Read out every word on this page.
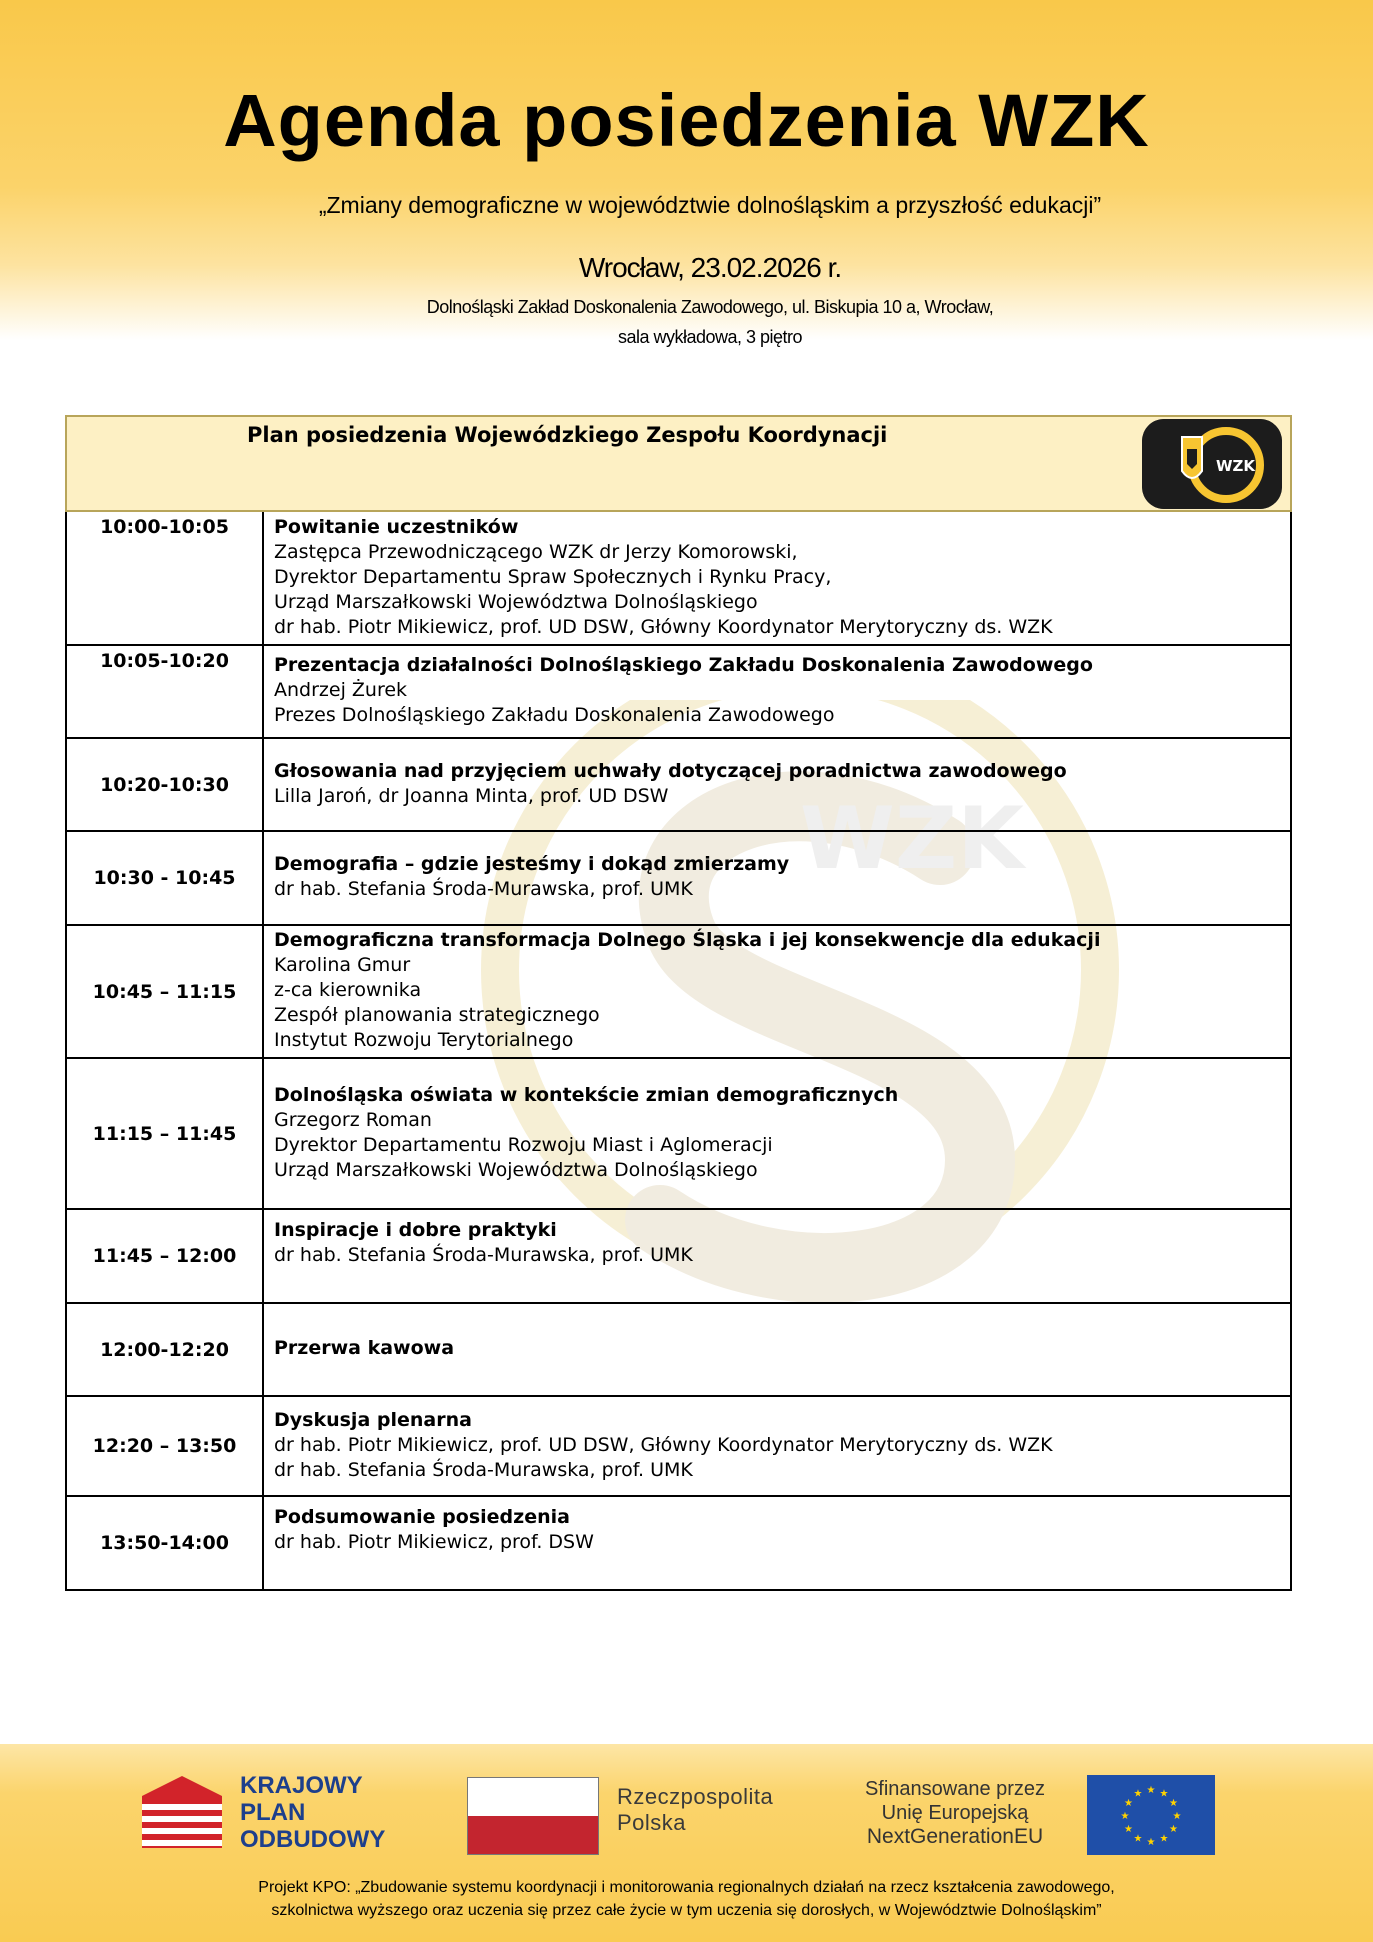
Agenda posiedzenia WZK
„Zmiany demograficzne w województwie dolnośląskim a przyszłość edukacji”
Wrocław, 23.02.2026 r.
Dolnośląski Zakład Doskonalenia Zawodowego, ul. Biskupia 10 a, Wrocław,
sala wykładowa, 3 piętro
WZK
Plan posiedzenia Wojewódzkiego Zespołu Koordynacji
WZK	

10:00-10:05	Powitanie uczestników
Zastępca Przewodniczącego WZK dr Jerzy Komorowski,
Dyrektor Departamentu Spraw Społecznych i Rynku Pracy,
Urząd Marszałkowski Województwa Dolnośląskiego
dr hab. Piotr Mikiewicz, prof. UD DSW, Główny Koordynator Merytoryczny ds. WZK

10:05-10:20	Prezentacja działalności Dolnośląskiego Zakładu Doskonalenia Zawodowego
Andrzej Żurek
Prezes Dolnośląskiego Zakładu Doskonalenia Zawodowego

10:20-10:30	Głosowania nad przyjęciem uchwały dotyczącej poradnictwa zawodowego
Lilla Jaroń, dr Joanna Minta, prof. UD DSW

10:30 - 10:45	Demografia – gdzie jesteśmy i dokąd zmierzamy
dr hab. Stefania Środa-Murawska, prof. UMK

10:45 – 11:15	Demograficzna transformacja Dolnego Śląska i jej konsekwencje dla edukacji
Karolina Gmur
z-ca kierownika
Zespół planowania strategicznego
Instytut Rozwoju Terytorialnego

11:15 – 11:45	Dolnośląska oświata w kontekście zmian demograficznych
Grzegorz Roman
Dyrektor Departamentu Rozwoju Miast i Aglomeracji
Urząd Marszałkowski Województwa Dolnośląskiego

11:45 – 12:00	Inspiracje i dobre praktyki
dr hab. Stefania Środa-Murawska, prof. UMK

12:00-12:20	Przerwa kawowa

12:20 – 13:50	Dyskusja plenarna
dr hab. Piotr Mikiewicz, prof. UD DSW, Główny Koordynator Merytoryczny ds. WZK
dr hab. Stefania Środa-Murawska, prof. UMK

13:50-14:00	Podsumowanie posiedzenia
dr hab. Piotr Mikiewicz, prof. DSW
KRAJOWY
PLAN
ODBUDOWY
Rzeczpospolita
Polska
Sfinansowane przez
Unię Europejską
NextGenerationEU
★
★
★
★
★
★
★
★
★ ★ ★
★
Projekt KPO: „Zbudowanie systemu koordynacji i monitorowania regionalnych działań na rzecz kształcenia zawodowego,
szkolnictwa wyższego oraz uczenia się przez całe życie w tym uczenia się dorosłych, w Województwie Dolnośląskim”
